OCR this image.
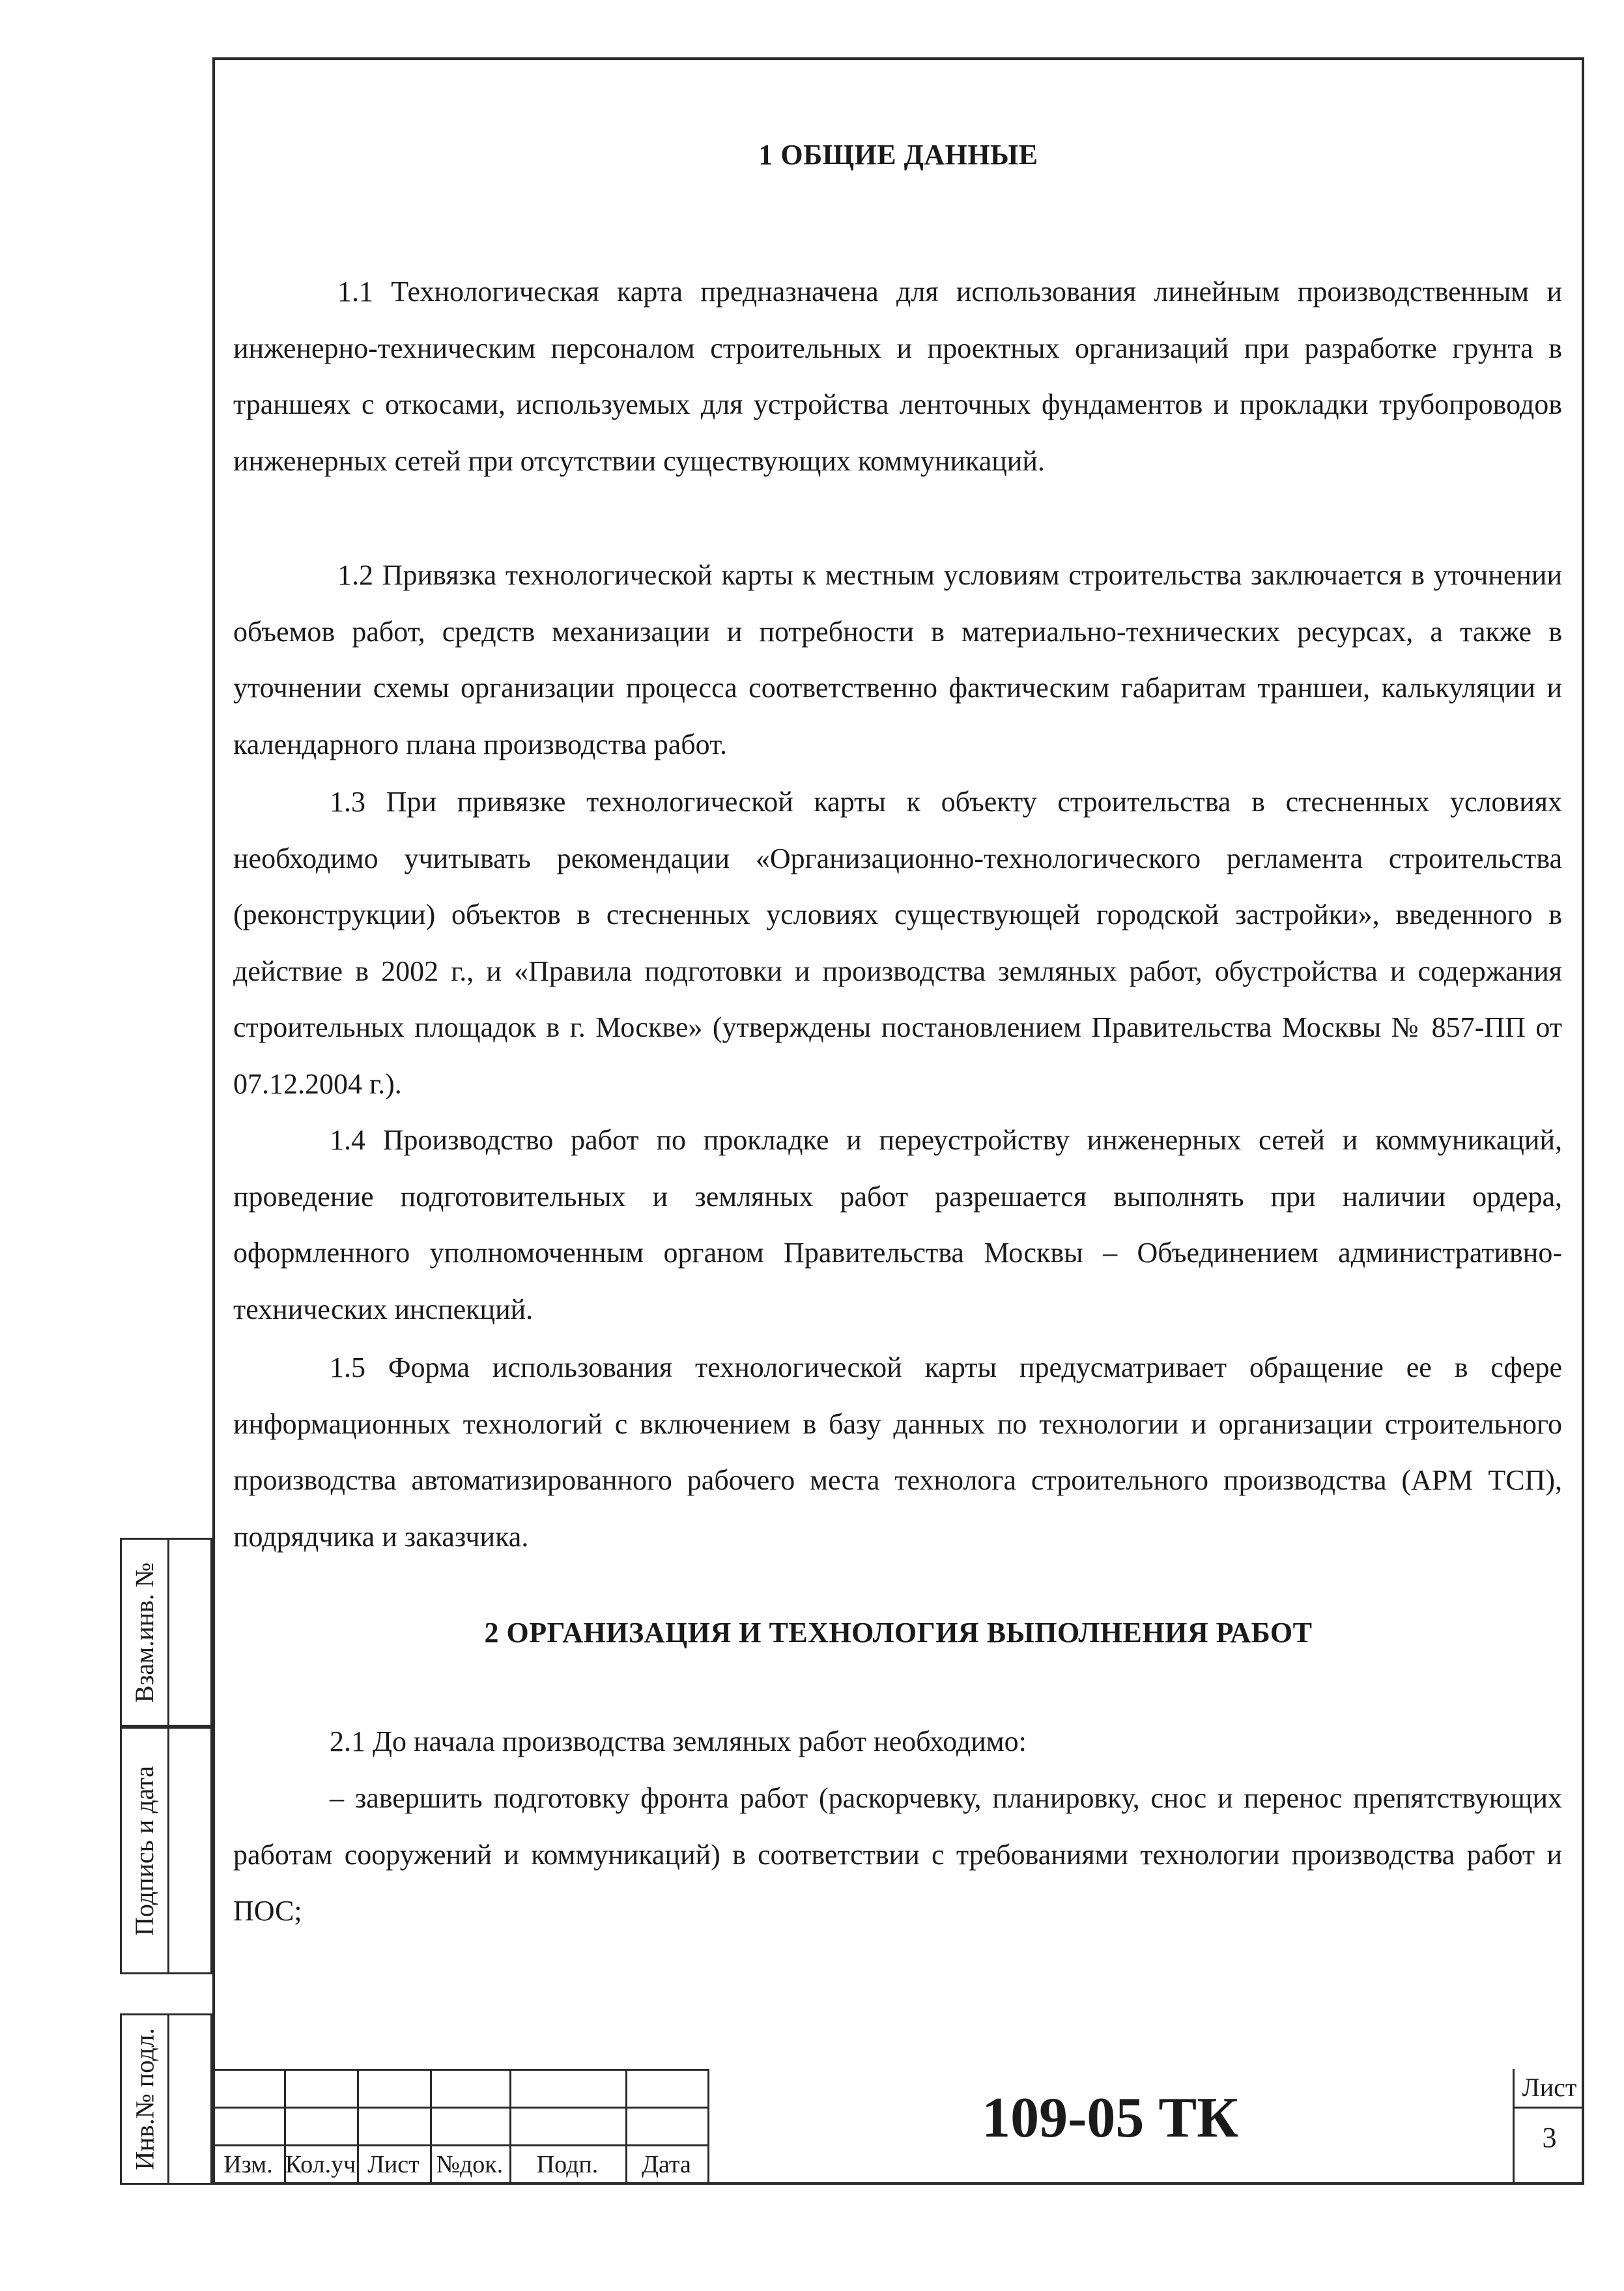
1 ОБЩИЕ ДАННЫЕ

1.1 Технологическая карта предназначена для использования линейным производственным и инженерно-техническим персоналом строительных и проектных организаций при разработке грунта в траншеях с откосами, используемых для устройства ленточных фундаментов и прокладки трубопроводов инженерных сетей при отсутствии существующих коммуникаций.

1.2 Привязка технологической карты к местным условиям строительства заключается в уточнении объемов работ, средств механизации и потребности в материально-технических ресурсах, а также в уточнении схемы организации процесса соответственно фактическим габаритам траншеи, калькуляции и календарного плана производства работ.

1.3 При привязке технологической карты к объекту строительства в стесненных условиях необходимо учитывать рекомендации «Организационно-технологического регламента строительства (реконструкции) объектов в стесненных условиях существующей городской застройки», введенного в действие в 2002 г., и «Правила подготовки и производства земляных работ, обустройства и содержания строительных площадок в г. Москве» (утверждены постановлением Правительства Москвы № 857-ПП от 07.12.2004 г.).

1.4 Производство работ по прокладке и переустройству инженерных сетей и коммуникаций, проведение подготовительных и земляных работ разрешается выполнять при наличии ордера, оформленного уполномоченным органом Правительства Москвы – Объединением административно-технических инспекций.

1.5 Форма использования технологической карты предусматривает обращение ее в сфере информационных технологий с включением в базу данных по технологии и организации строительного производства автоматизированного рабочего места технолога строительного производства (АРМ ТСП), подрядчика и заказчика.

2 ОРГАНИЗАЦИЯ И ТЕХНОЛОГИЯ ВЫПОЛНЕНИЯ РАБОТ

2.1 До начала производства земляных работ необходимо:

– завершить подготовку фронта работ (раскорчевку, планировку, снос и перенос препятствующих работам сооружений и коммуникаций) в соответствии с требованиями технологии производства работ и ПОС;

Взам.инв. №
Подпись и дата
Инв.№ подл.	Изм. Кол.уч Лист №док.	Подп.	Дата
109-05 ТК	Лист
3
